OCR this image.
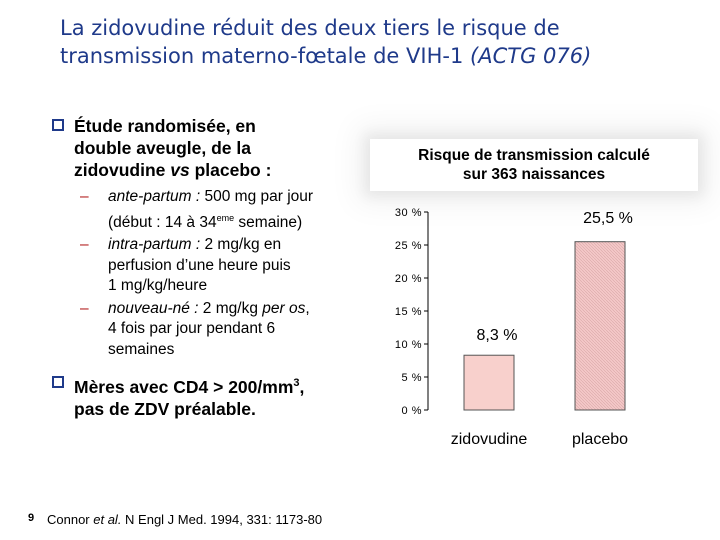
La zidovudine réduit des deux tiers le risque de
transmission materno-fœtale de VIH-1 (ACTG 076)
Étude randomisée, en
double aveugle, de la
zidovudine vs placebo :
– ante-partum : 500 mg par jour
(début : 14 à 34eme semaine)
– intra-partum : 2 mg/kg en
perfusion d’une heure puis
1 mg/kg/heure
– nouveau-né : 2 mg/kg per os,
4 fois par jour pendant 6
semaines
Mères avec $CD4 > 200/mm^3$,
pas de ZDV préalable.
Risque de transmission calculé
sur 363 naissances
0 %
5 %
10 %
15 %
20 %
25 %
30 %
8,3 %
zidovudine
25,5 %
placebo
9 Connor et al. N Engl J Med. 1994, 331: 1173-80
